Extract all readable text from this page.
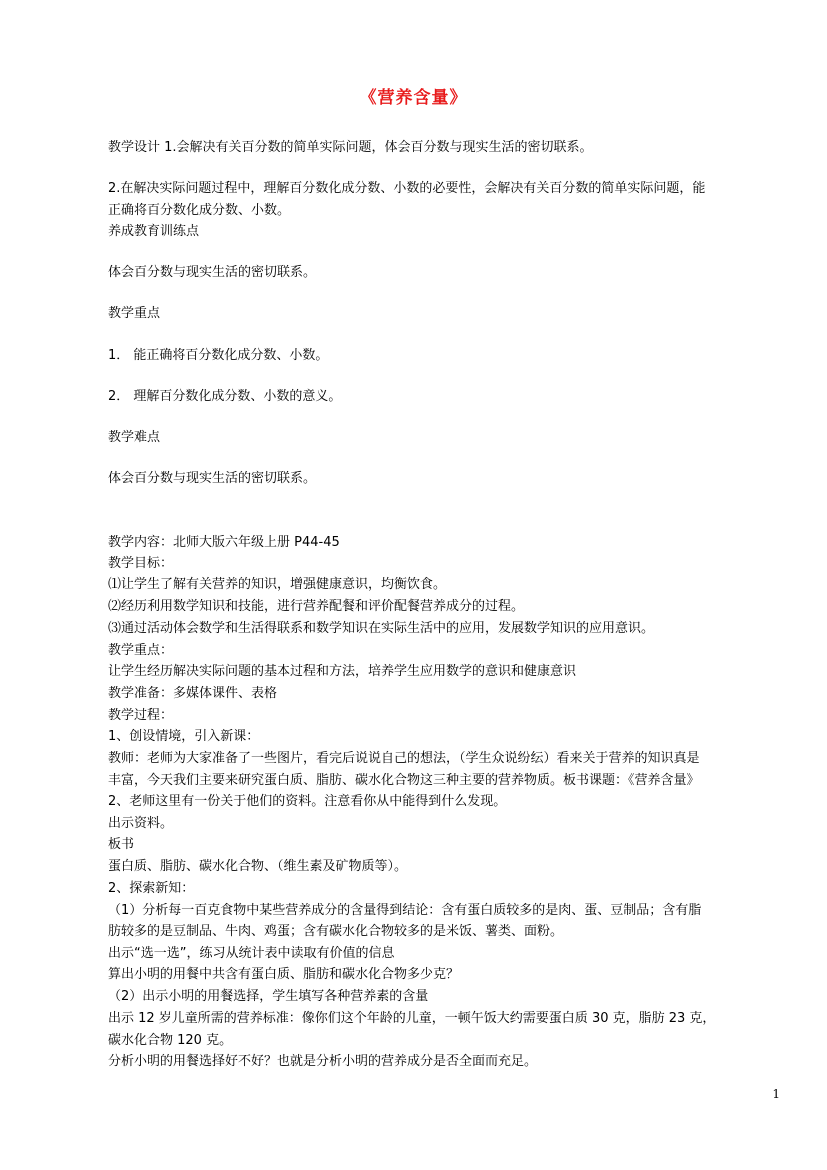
《营养含量》
教学设计 1.会解决有关百分数的简单实际问题，体会百分数与现实生活的密切联系。
2.在解决实际问题过程中，理解百分数化成分数、小数的必要性，会解决有关百分数的简单实际问题，能
正确将百分数化成分数、小数。
养成教育训练点
体会百分数与现实生活的密切联系。
教学重点
1． 能正确将百分数化成分数、小数。
2． 理解百分数化成分数、小数的意义。
教学难点
体会百分数与现实生活的密切联系。
教学内容：北师大版六年级上册 P44-45
教学目标：
⑴让学生了解有关营养的知识，增强健康意识，均衡饮食。
⑵经历利用数学知识和技能，进行营养配餐和评价配餐营养成分的过程。
⑶通过活动体会数学和生活得联系和数学知识在实际生活中的应用，发展数学知识的应用意识。
教学重点：
让学生经历解决实际问题的基本过程和方法，培养学生应用数学的意识和健康意识
教学准备：多媒体课件、表格
教学过程：
1、创设情境，引入新课：
教师：老师为大家准备了一些图片，看完后说说自己的想法，（学生众说纷纭）看来关于营养的知识真是
丰富，今天我们主要来研究蛋白质、脂肪、碳水化合物这三种主要的营养物质。板书课题：《营养含量》
2、老师这里有一份关于他们的资料。注意看你从中能得到什么发现。
出示资料。
板书
蛋白质、脂肪、碳水化合物、（维生素及矿物质等）。
2、探索新知：
（1）分析每一百克食物中某些营养成分的含量得到结论：含有蛋白质较多的是肉、蛋、豆制品；含有脂
肪较多的是豆制品、牛肉、鸡蛋；含有碳水化合物较多的是米饭、薯类、面粉。
出示“选一选”，练习从统计表中读取有价值的信息
算出小明的用餐中共含有蛋白质、脂肪和碳水化合物多少克？
（2）出示小明的用餐选择，学生填写各种营养素的含量
出示 12 岁儿童所需的营养标准：像你们这个年龄的儿童，一顿午饭大约需要蛋白质 30 克，脂肪 23 克，
碳水化合物 120 克。
分析小明的用餐选择好不好？也就是分析小明的营养成分是否全面而充足。
1
